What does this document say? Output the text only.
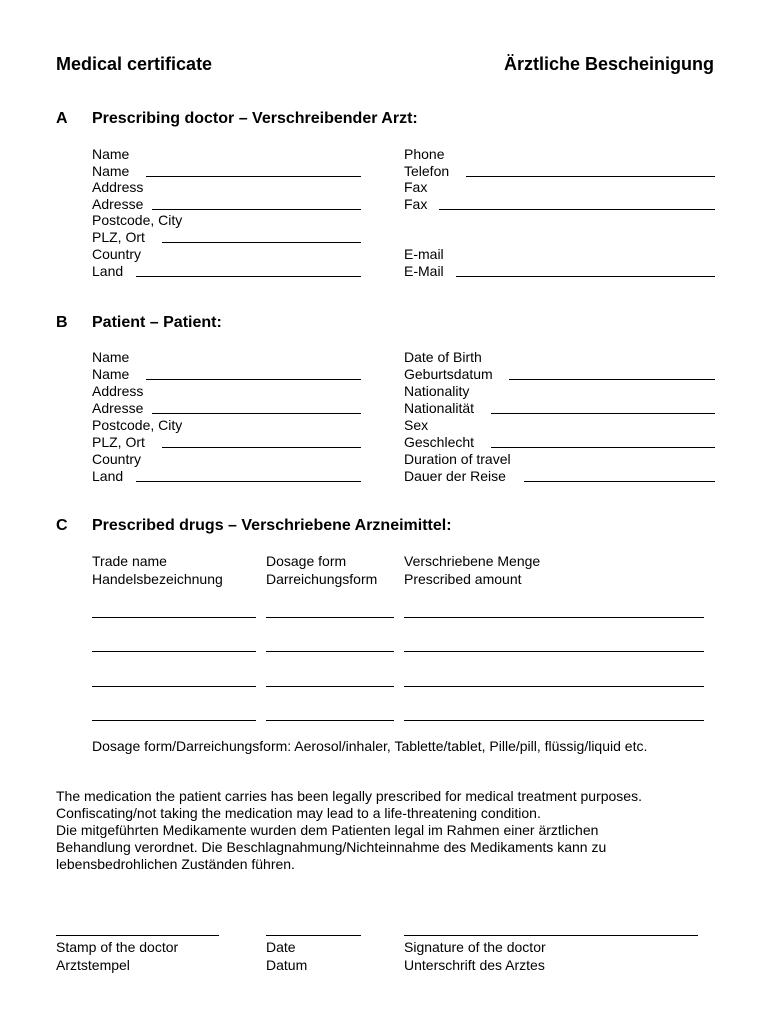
Medical certificate	Ärztliche Bescheinigung
A Prescribing doctor – Verschreibender Arzt:
Name
Name
Address
Adresse
Postcode, City
PLZ, Ort
Country
Land
Phone
Telefon
Fax
Fax
E-mail
E-Mail
B Patient – Patient:
Name
Name
Address
Adresse
Postcode, City
PLZ, Ort
Country
Land
Date of Birth
Geburtsdatum
Nationality
Nationalität
Sex
Geschlecht
Duration of travel
Dauer der Reise
C Prescribed drugs – Verschriebene Arzneimittel:
Trade name
Handelsbezeichnung
Dosage form
Darreichungsform
Verschriebene Menge
Prescribed amount
Dosage form/Darreichungsform: Aerosol/inhaler, Tablette/tablet, Pille/pill, flüssig/liquid etc.
The medication the patient carries has been legally prescribed for medical treatment purposes.
Confiscating/not taking the medication may lead to a life-threatening condition.
Die mitgeführten Medikamente wurden dem Patienten legal im Rahmen einer ärztlichen
Behandlung verordnet. Die Beschlagnahmung/Nichteinnahme des Medikaments kann zu
lebensbedrohlichen Zuständen führen.
Stamp of the doctor
Arztstempel
Date
Datum
Signature of the doctor
Unterschrift des Arztes
